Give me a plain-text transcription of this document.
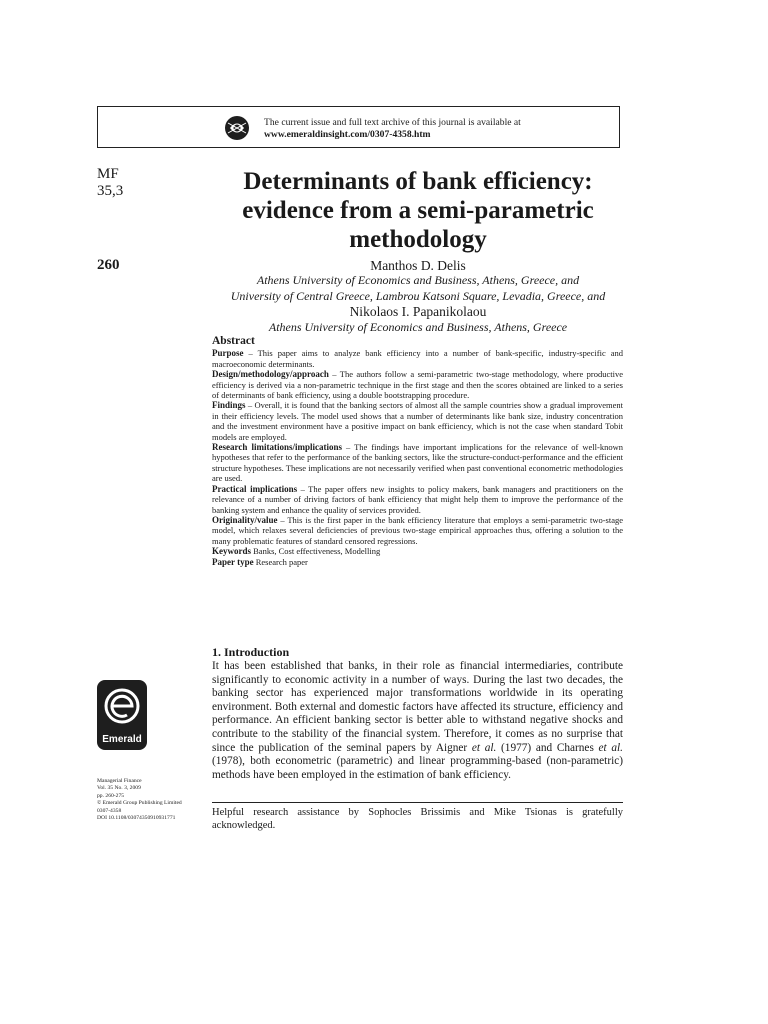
The current issue and full text archive of this journal is available at
www.emeraldinsight.com/0307-4358.htm
MF
35,3
260
Emerald
Managerial Finance
Vol. 35 No. 3, 2009
pp. 260-275
© Emerald Group Publishing Limited
0307-4358
DOI 10.1108/03074350910931771
Determinants of bank efficiency:
evidence from a semi-parametric
methodology
Manthos D. Delis
Athens University of Economics and Business, Athens, Greece, and
University of Central Greece, Lambrou Katsoni Square, Levadia, Greece, and
Nikolaos I. Papanikolaou
Athens University of Economics and Business, Athens, Greece
Abstract

Purpose – This paper aims to analyze bank efficiency into a number of bank-specific, industry-specific and macroeconomic determinants.

Design/methodology/approach – The authors follow a semi-parametric two-stage methodology, where productive efficiency is derived via a non-parametric technique in the first stage and then the scores obtained are linked to a series of determinants of bank efficiency, using a double bootstrapping procedure.

Findings – Overall, it is found that the banking sectors of almost all the sample countries show a gradual improvement in their efficiency levels. The model used shows that a number of determinants like bank size, industry concentration and the investment environment have a positive impact on bank efficiency, which is not the case when standard Tobit models are employed.

Research limitations/implications – The findings have important implications for the relevance of well-known hypotheses that refer to the performance of the banking sectors, like the structure-conduct-performance and the efficient structure hypotheses. These implications are not necessarily verified when past conventional econometric methodologies are used.

Practical implications – The paper offers new insights to policy makers, bank managers and practitioners on the relevance of a number of driving factors of bank efficiency that might help them to improve the performance of the banking system and enhance the quality of services provided.

Originality/value – This is the first paper in the bank efficiency literature that employs a semi-parametric two-stage model, which relaxes several deficiencies of previous two-stage empirical approaches thus, offering a solution to the many problematic features of standard censored regressions.

Keywords Banks, Cost effectiveness, Modelling

Paper type Research paper

1. Introduction

It has been established that banks, in their role as financial intermediaries, contribute significantly to economic activity in a number of ways. During the last two decades, the banking sector has experienced major transformations worldwide in its operating environment. Both external and domestic factors have affected its structure, efficiency and performance. An efficient banking sector is better able to withstand negative shocks and contribute to the stability of the financial system. Therefore, it comes as no surprise that since the publication of the seminal papers by Aigner et al. (1977) and Charnes et al. (1978), both econometric (parametric) and linear programming-based (non-parametric) methods have been employed in the estimation of bank efficiency.

Helpful research assistance by Sophocles Brissimis and Mike Tsionas is gratefully acknowledged.
